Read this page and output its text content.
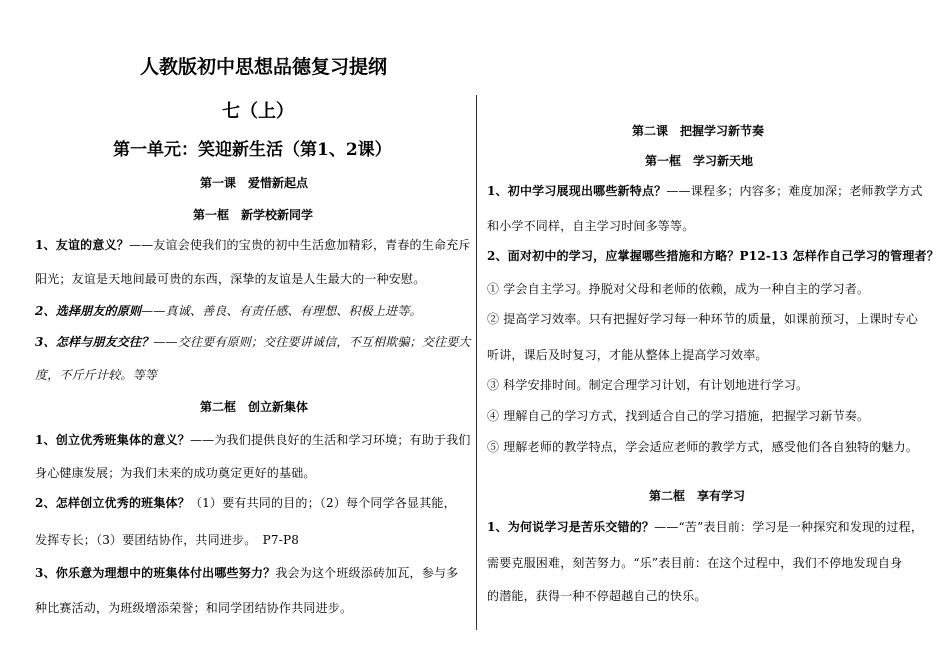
人教版初中思想品德复习提纲
七（上）
第一单元：笑迎新生活（第1、2课）
第一课　爱惜新起点
第一框　新学校新同学
1、友谊的意义？——友谊会使我们的宝贵的初中生活愈加精彩，青春的生命充斥
阳光；友谊是天地间最可贵的东西，深挚的友谊是人生最大的一种安慰。
2、选择朋友的原则——真诚、善良、有责任感、有理想、积极上进等。
3、怎样与朋友交往？——交往要有原则；交往要讲诚信，不互相欺骗；交往要大
度，不斤斤计较。等等
第二框　创立新集体
1、创立优秀班集体的意义？——为我们提供良好的生活和学习环境；有助于我们
身心健康发展；为我们未来的成功奠定更好的基础。
2、怎样创立优秀的班集体？（1）要有共同的目的；（2）每个同学各显其能，
发挥专长；（3）要团结协作，共同进步。　P7-P8
3、你乐意为理想中的班集体付出哪些努力？我会为这个班级添砖加瓦，参与多
种比赛活动，为班级增添荣誉；和同学团结协作共同进步。
第二课　把握学习新节奏
第一框　学习新天地
1、初中学习展现出哪些新特点？——课程多；内容多；难度加深；老师教学方式
和小学不同样，自主学习时间多等等。
2、面对初中的学习，应掌握哪些措施和方略？P12-13 怎样作自己学习的管理者？
① 学会自主学习。挣脱对父母和老师的依赖，成为一种自主的学习者。
② 提高学习效率。只有把握好学习每一种环节的质量，如课前预习，上课时专心
听讲，课后及时复习，才能从整体上提高学习效率。
③ 科学安排时间。制定合理学习计划，有计划地进行学习。
④ 理解自己的学习方式，找到适合自己的学习措施，把握学习新节奏。
⑤ 理解老师的教学特点，学会适应老师的教学方式，感受他们各自独特的魅力。
第二框　享有学习
1、为何说学习是苦乐交错的？——“苦”表目前：学习是一种探究和发现的过程，
需要克服困难，刻苦努力。“乐”表目前：在这个过程中，我们不停地发现自身
的潜能，获得一种不停超越自己的快乐。
